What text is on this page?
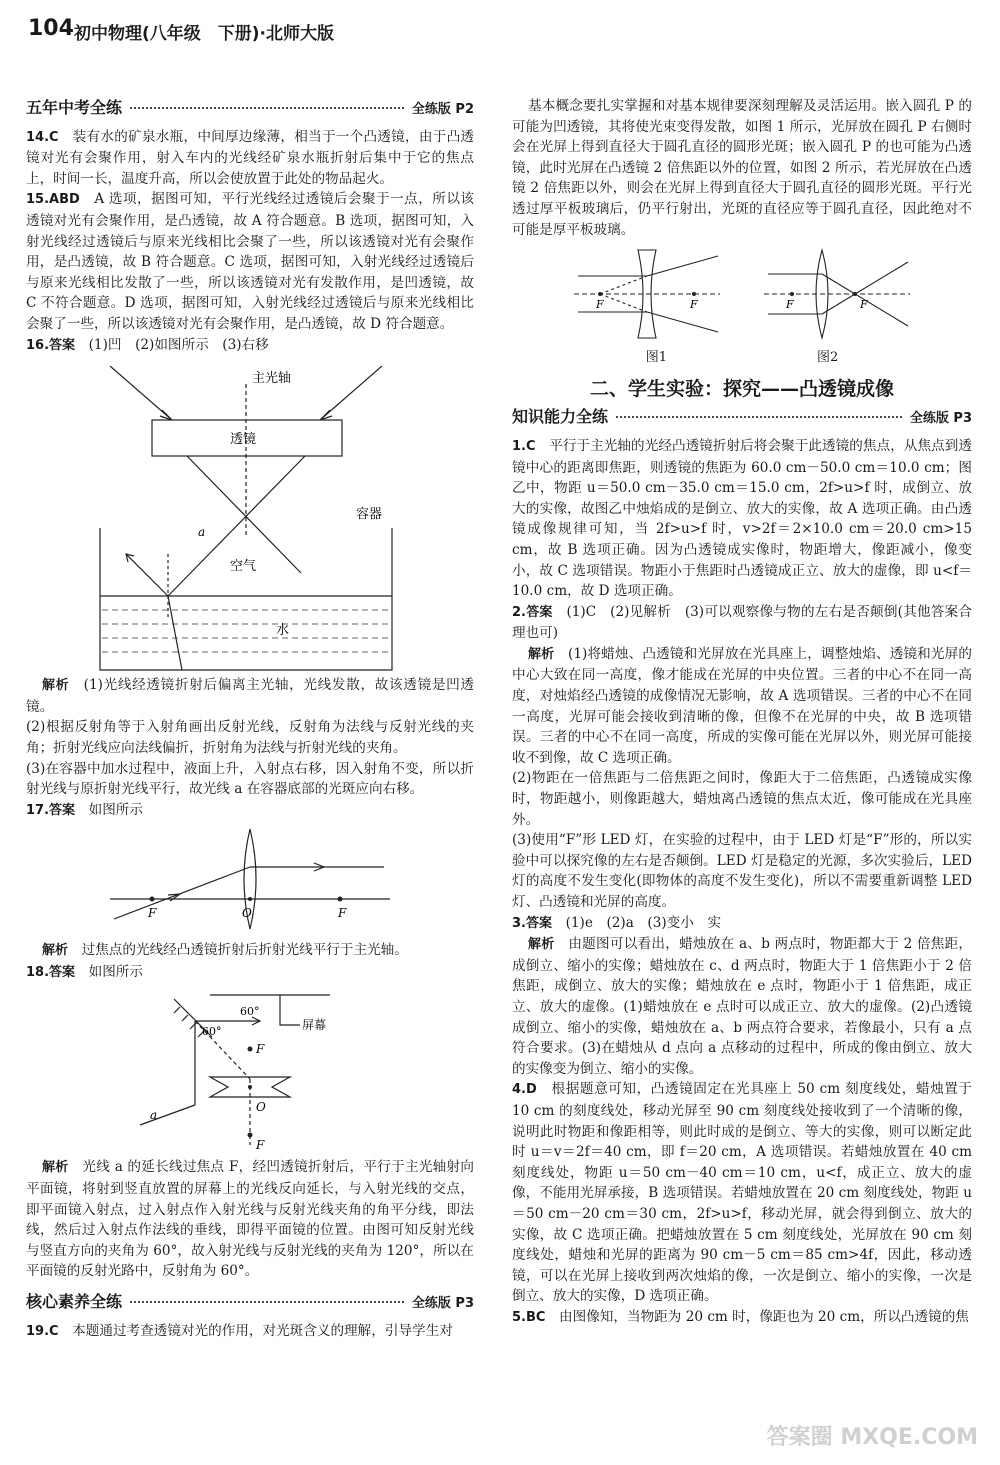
104 初中物理(八年级　下册)·北师大版
五年中考全练	全练版 P2

14.C　 装有水的矿泉水瓶，中间厚边缘薄，相当于一个凸透镜，由于凸透镜对光有会聚作用，射入车内的光线经矿泉水瓶折射后集中于它的焦点上，时间一长，温度升高，所以会使放置于此处的物品起火。

15.ABD　 A 选项，据图可知，平行光线经过透镜后会聚于一点，所以该透镜对光有会聚作用，是凸透镜，故 A 符合题意。B 选项，据图可知，入射光线经过透镜后与原来光线相比会聚了一些，所以该透镜对光有会聚作用，是凸透镜，故 B 符合题意。C 选项，据图可知，入射光线经过透镜后与原来光线相比发散了一些，所以该透镜对光有发散作用，是凹透镜，故 C 不符合题意。D 选项，据图可知，入射光线经过透镜后与原来光线相比会聚了一些，所以该透镜对光有会聚作用，是凸透镜，故 D 符合题意。

16.答案　 (1)凹　(2)如图所示　(3)右移

主光轴
透镜
容器
空气
水
a

解析　 (1)光线经透镜折射后偏离主光轴，光线发散，故该透镜是凹透镜。

(2)根据反射角等于入射角画出反射光线，反射角为法线与反射光线的夹角；折射光线应向法线偏折，折射角为法线与折射光线的夹角。

(3)在容器中加水过程中，液面上升，入射点右移，因入射角不变，所以折射光线与原折射光线平行，故光线 a 在容器底部的光斑应向右移。

17.答案　 如图所示

F	O	F

解析　 过焦点的光线经凸透镜折射后折射光线平行于主光轴。

18.答案　 如图所示

60°
60°
屏幕
F
O
a
F

解析　 光线 a 的延长线过焦点 F，经凹透镜折射后，平行于主光轴射向平面镜，将射到竖直放置的屏幕上的光线反向延长，与入射光线的交点，即平面镜入射点，过入射点作入射光线与反射光线夹角的角平分线，即法线，然后过入射点作法线的垂线，即得平面镜的位置。由图可知反射光线与竖直方向的夹角为 60°，故入射光线与反射光线的夹角为 120°，所以在平面镜的反射光路中，反射角为 60°。

核心素养全练	全练版 P3

19.C　 本题通过考查透镜对光的作用，对光斑含义的理解，引导学生对

基本概念要扎实掌握和对基本规律要深刻理解及灵活运用。嵌入圆孔 P 的可能为凹透镜，其将使光束变得发散，如图 1 所示，光屏放在圆孔 P 右侧时会在光屏上得到直径大于圆孔直径的圆形光斑；嵌入圆孔 P 的也可能为凸透镜，此时光屏在凸透镜 2 倍焦距以外的位置，如图 2 所示，若光屏放在凸透镜 2 倍焦距以外，则会在光屏上得到直径大于圆孔直径的圆形光斑。平行光透过厚平板玻璃后，仍平行射出，光斑的直径应等于圆孔直径，因此绝对不可能是厚平板玻璃。

F	F	F	F
图1	图2
二、学生实验：探究——凸透镜成像
知识能力全练	全练版 P3

1.C　 平行于主光轴的光经凸透镜折射后将会聚于此透镜的焦点，从焦点到透镜中心的距离即焦距，则透镜的焦距为 60.0 cm－50.0 cm＝10.0 cm；图乙中，物距 u＝50.0 cm－35.0 cm＝15.0 cm，2f>u>f 时，成倒立、放大的实像，故图乙中烛焰成的是倒立、放大的实像，故 A 选项正确。由凸透镜成像规律可知，当 2f>u>f 时，v>2f＝2×10.0 cm＝20.0 cm>15 cm，故 B 选项正确。因为凸透镜成实像时，物距增大，像距减小，像变小，故 C 选项错误。物距小于焦距时凸透镜成正立、放大的虚像，即 u<f＝10.0 cm，故 D 选项正确。

2.答案　 (1)C　(2)见解析　(3)可以观察像与物的左右是否颠倒(其他答案合理也可)

解析　 (1)将蜡烛、凸透镜和光屏放在光具座上，调整烛焰、透镜和光屏的中心大致在同一高度，像才能成在光屏的中央位置。三者的中心不在同一高度，对烛焰经凸透镜的成像情况无影响，故 A 选项错误。三者的中心不在同一高度，光屏可能会接收到清晰的像，但像不在光屏的中央，故 B 选项错误。三者的中心不在同一高度，所成的实像可能在光屏以外，则光屏可能接收不到像，故 C 选项正确。

(2)物距在一倍焦距与二倍焦距之间时，像距大于二倍焦距，凸透镜成实像时，物距越小，则像距越大，蜡烛离凸透镜的焦点太近，像可能成在光具座外。

(3)使用“F”形 LED 灯，在实验的过程中，由于 LED 灯是“F”形的，所以实验中可以探究像的左右是否颠倒。LED 灯是稳定的光源，多次实验后，LED 灯的高度不发生变化(即物体的高度不发生变化)，所以不需要重新调整 LED 灯、凸透镜和光屏的高度。

3.答案　 (1)e　(2)a　(3)变小　实

解析　 由题图可以看出，蜡烛放在 a、b 两点时，物距都大于 2 倍焦距，成倒立、缩小的实像；蜡烛放在 c、d 两点时，物距大于 1 倍焦距小于 2 倍焦距，成倒立、放大的实像；蜡烛放在 e 点时，物距小于 1 倍焦距，成正立、放大的虚像。(1)蜡烛放在 e 点时可以成正立、放大的虚像。(2)凸透镜成倒立、缩小的实像，蜡烛放在 a、b 两点符合要求，若像最小，只有 a 点符合要求。(3)在蜡烛从 d 点向 a 点移动的过程中，所成的像由倒立、放大的实像变为倒立、缩小的实像。

4.D　 根据题意可知，凸透镜固定在光具座上 50 cm 刻度线处，蜡烛置于 10 cm 的刻度线处，移动光屏至 90 cm 刻度线处接收到了一个清晰的像，说明此时物距和像距相等，则此时成的是倒立、等大的实像，则可以断定此时 u＝v＝2f＝40 cm，即 f＝20 cm，A 选项错误。若蜡烛放置在 40 cm 刻度线处，物距 u＝50 cm－40 cm＝10 cm，u<f，成正立、放大的虚像，不能用光屏承接，B 选项错误。若蜡烛放置在 20 cm 刻度线处，物距 u＝50 cm－20 cm＝30 cm，2f>u>f，移动光屏，就会得到倒立、放大的实像，故 C 选项正确。把蜡烛放置在 5 cm 刻度线处，光屏放在 90 cm 刻度线处，蜡烛和光屏的距离为 90 cm－5 cm＝85 cm>4f，因此，移动透镜，可以在光屏上接收到两次烛焰的像，一次是倒立、缩小的实像，一次是倒立、放大的实像，D 选项正确。

5.BC　 由图像知，当物距为 20 cm 时，像距也为 20 cm，所以凸透镜的焦

答案圈 MXQE.COM
